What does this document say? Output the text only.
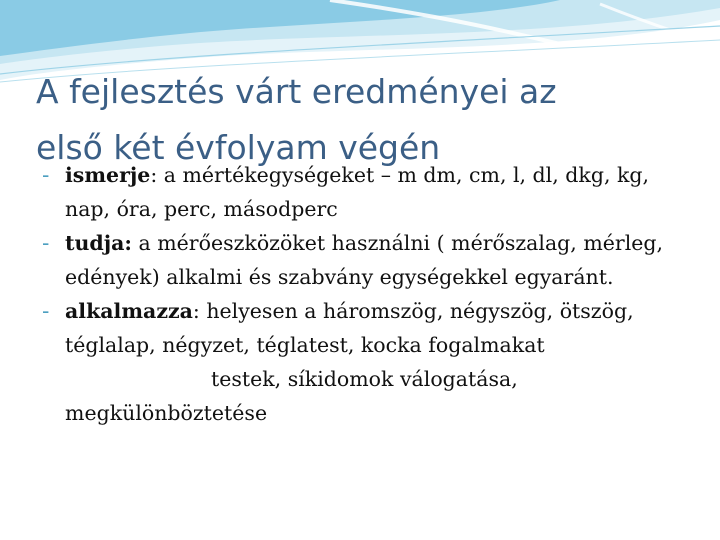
A fejlesztés várt eredményei az
első két évfolyam végén
- ismerje: a mértékegységeket – m dm, cm, l, dl, dkg, kg, nap, óra, perc, másodperc
- tudja: a mérőeszközöket használni ( mérőszalag, mérleg, edények) alkalmi és szabvány egységekkel egyaránt.
- alkalmazza: helyesen a háromszög, négyszög, ötszög, téglalap, négyzet, téglatest, kocka fogalmakat
testek, síkidomok válogatása, megkülönböztetése
